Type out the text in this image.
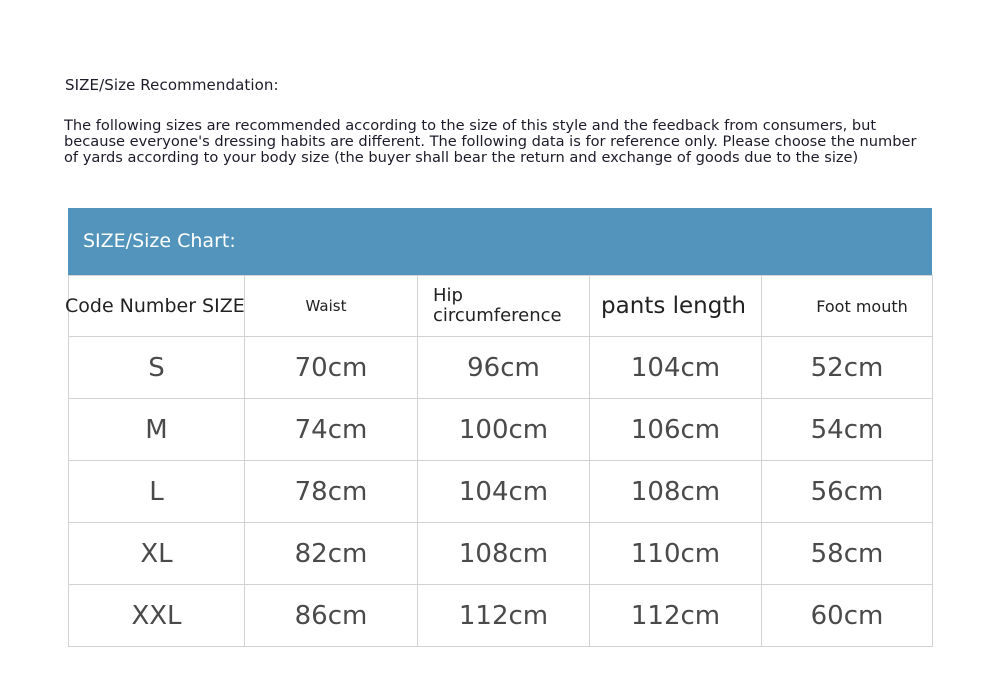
SIZE/Size Recommendation:
The following sizes are recommended according to the size of this style and the feedback from consumers, but because everyone's dressing habits are different. The following data is for reference only. Please choose the number of yards according to your body size (the buyer shall bear the return and exchange of goods due to the size)
SIZE/Size Chart:
Code Number SIZE	Waist	Hip circumference	pants length	Foot mouth
S	70cm	96cm	104cm	52cm
M	74cm	100cm	106cm	54cm
L	78cm	104cm	108cm	56cm
XL	82cm	108cm	110cm	58cm
XXL	86cm	112cm	112cm	60cm
